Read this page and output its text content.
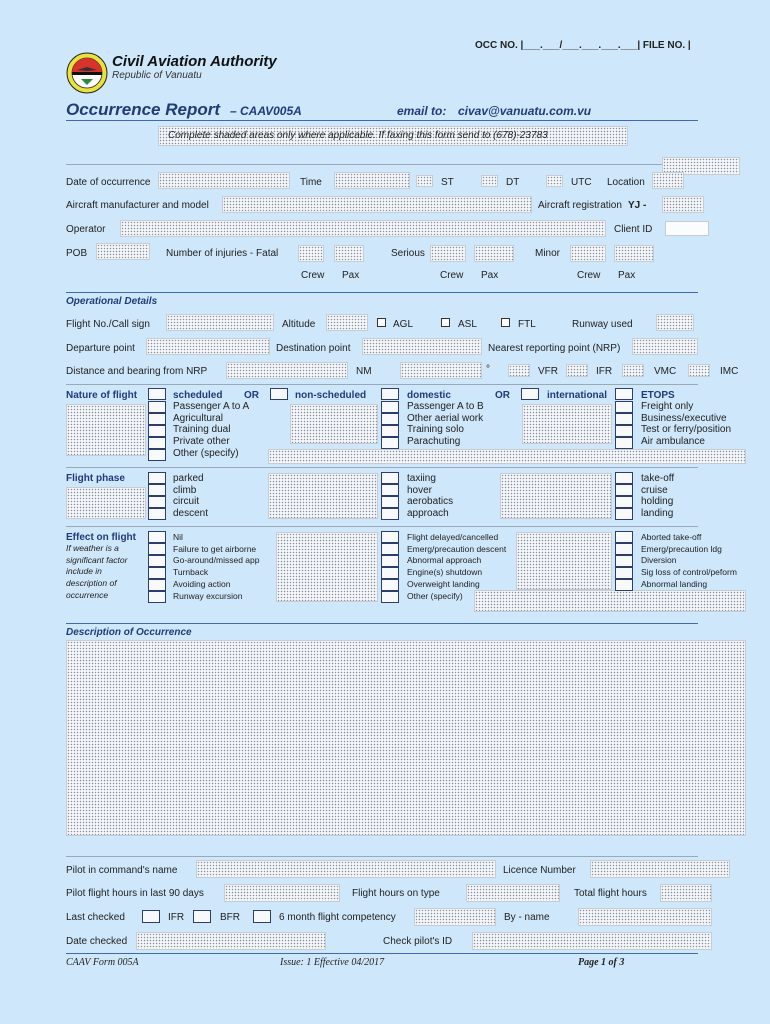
OCC NO. |___.___/___.___.___.___| FILE NO. |
Civil Aviation Authority
Republic of Vanuatu
Occurrence Report – CAAV005A	email to: civav@vanuatu.com.vu
Complete shaded areas only where applicable. If faxing this form send to (678)-23783
Date of occurrence	Time	ST	DT	UTC Location
Aircraft manufacturer and model	Aircraft registration YJ -
Operator	Client ID
POB	Number of injuries - Fatal	Serious	Minor
Crew Pax	Crew Pax	Crew Pax
Operational Details
Flight No./Call sign	Altitude	AGL	ASL	FTL	Runway used
Departure point	Destination point	Nearest reporting point (NRP)
Distance and bearing from NRP	NM	°	VFR	IFR	VMC	IMC
Nature of flight	scheduled OR	non-scheduled	domestic	OR	international	ETOPS
Passenger A to A
Agricultural
Training dual
Private other
Other (specify)
Passenger A to B
Other aerial work
Training solo
Parachuting
Freight only
Business/executive
Test or ferry/position
Air ambulance
Flight phase	parked
climb
circuit
descent
taxiing
hover
aerobatics
approach
take-off
cruise
holding
landing
Effect on flight
If weather is a
significant factor
include in
description of
occurrence
Nil
Failure to get airborne
Go-around/missed app
Turnback
Avoiding action
Runway excursion
Flight delayed/cancelled
Emerg/precaution descent
Abnormal approach
Engine(s) shutdown
Overweight landing
Other (specify)
Aborted take-off
Emerg/precaution ldg
Diversion
Sig loss of control/peform
Abnormal landing
Description of Occurrence
Pilot in command's name	Licence Number
Pilot flight hours in last 90 days	Flight hours on type	Total flight hours
Last checked	IFR	BFR	6 month flight competency	By - name
Date checked	Check pilot's ID
CAAV Form 005A	Issue: 1 Effective 04/2017	Page 1 of 3
